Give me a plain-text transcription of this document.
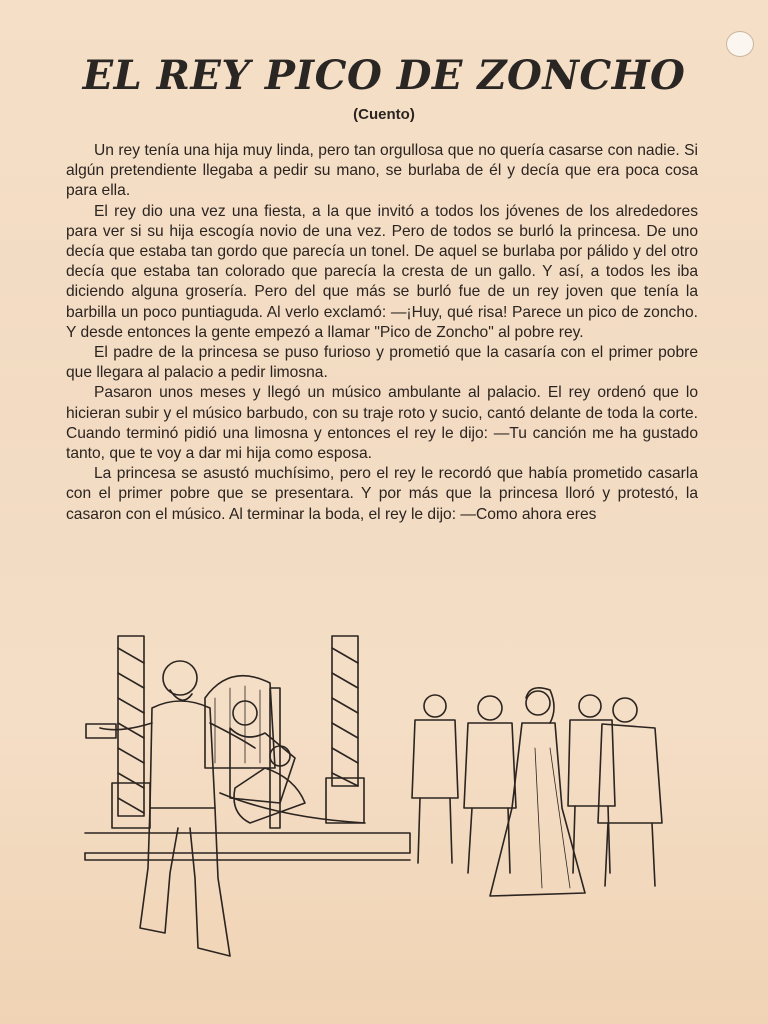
EL REY PICO DE ZONCHO
(Cuento)

Un rey tenía una hija muy linda, pero tan orgullosa que no quería casarse con nadie. Si algún pretendiente llegaba a pedir su mano, se burlaba de él y decía que era poca cosa para ella.

El rey dio una vez una fiesta, a la que invitó a todos los jóvenes de los alrededores para ver si su hija escogía novio de una vez. Pero de todos se burló la princesa. De uno decía que estaba tan gordo que parecía un tonel. De aquel se burlaba por pálido y del otro decía que estaba tan colorado que parecía la cresta de un gallo. Y así, a todos les iba diciendo alguna grosería. Pero del que más se burló fue de un rey joven que tenía la barbilla un poco puntiaguda. Al verlo exclamó: —¡Huy, qué risa! Parece un pico de zoncho. Y desde entonces la gente empezó a llamar "Pico de Zoncho" al pobre rey.

El padre de la princesa se puso furioso y prometió que la casaría con el primer pobre que llegara al palacio a pedir limosna.

Pasaron unos meses y llegó un músico ambulante al palacio. El rey ordenó que lo hicieran subir y el músico barbudo, con su traje roto y sucio, cantó delante de toda la corte. Cuando terminó pidió una limosna y entonces el rey le dijo: —Tu canción me ha gustado tanto, que te voy a dar mi hija como esposa.

La princesa se asustó muchísimo, pero el rey le recordó que había prometido casarla con el primer pobre que se presentara. Y por más que la princesa lloró y protestó, la casaron con el músico. Al terminar la boda, el rey le dijo: —Como ahora eres
